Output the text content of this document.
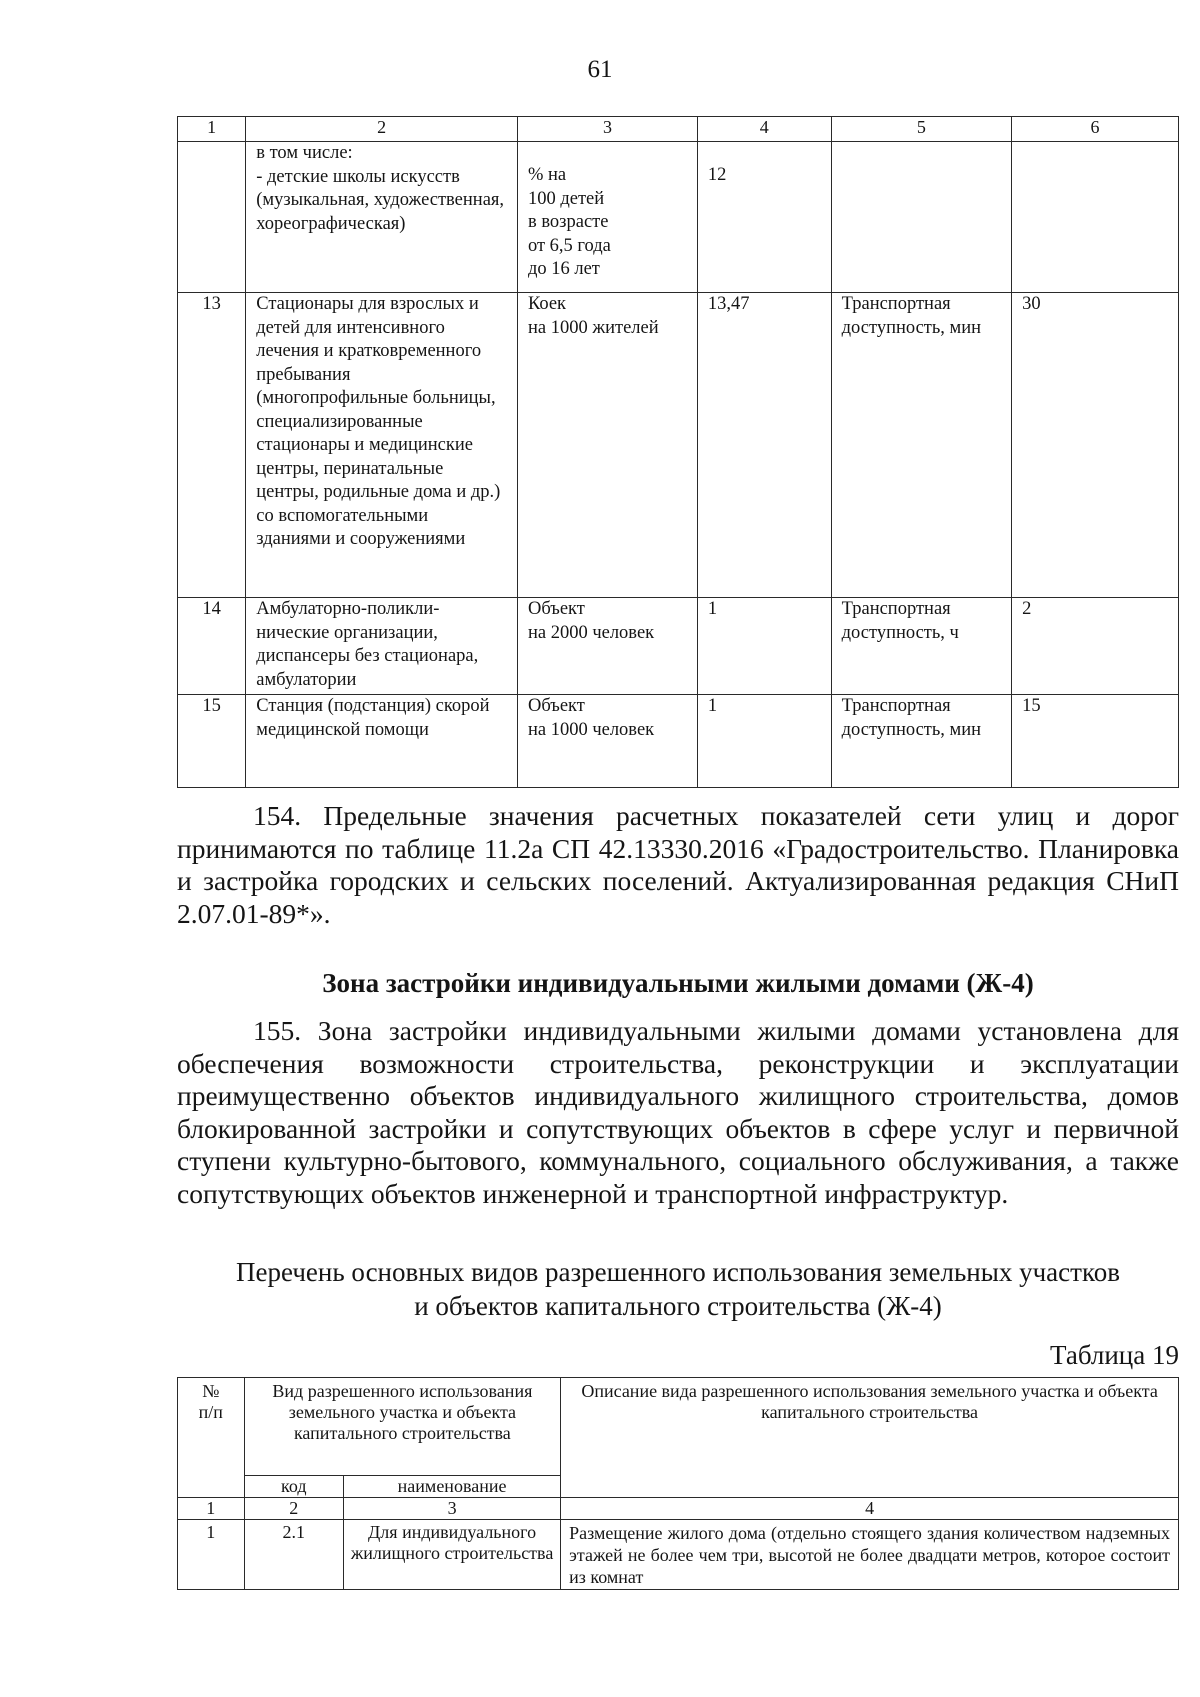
61
1	2	3	4	5	6
	в том числе:
- детские школы искусств (музыкальная, художественная, хореографическая)	% на
100 детей
в возрасте
от 6,5 года
до 16 лет	12		
13	Стационары для взрослых и детей для интенсивного лечения и кратковременного пребывания (многопрофильные больницы, специализированные стационары и медицинские центры, перинатальные центры, родильные дома и др.) со вспомогательными зданиями и сооружениями	Коек
на 1000 жителей	13,47	Транспортная доступность, мин	30
14	Амбулаторно-поликли-нические организации, диспансеры без стационара, амбулатории	Объект
на 2000 человек	1	Транспортная доступность, ч	2
15	Станция (подстанция) скорой медицинской помощи	Объект
на 1000 человек	1	Транспортная доступность, мин	15

154. Предельные значения расчетных показателей сети улиц и дорог принимаются по таблице 11.2а СП 42.13330.2016 «Градостроительство. Планировка и застройка городских и сельских поселений. Актуализированная редакция СНиП 2.07.01-89*».

Зона застройки индивидуальными жилыми домами (Ж-4)

155. Зона застройки индивидуальными жилыми домами установлена для обеспечения возможности строительства, реконструкции и эксплуатации преимущественно объектов индивидуального жилищного строительства, домов блокированной застройки и сопутствующих объектов в сфере услуг и первичной ступени культурно-бытового, коммунального, социального обслуживания, а также сопутствующих объектов инженерной и транспортной инфраструктур.

Перечень основных видов разрешенного использования земельных участков
и объектов капитального строительства (Ж-4)
Таблица 19
№
п/п	Вид разрешенного использования земельного участка и объекта капитального строительства		Описание вида разрешенного использования земельного участка и объекта капитального строительства
	код	наименование	
1	2	3	4
1	2.1	Для индивидуального жилищного строительства	Размещение жилого дома (отдельно стоящего здания количеством надземных этажей не более чем три, высотой не более двадцати метров, которое состоит из комнат
